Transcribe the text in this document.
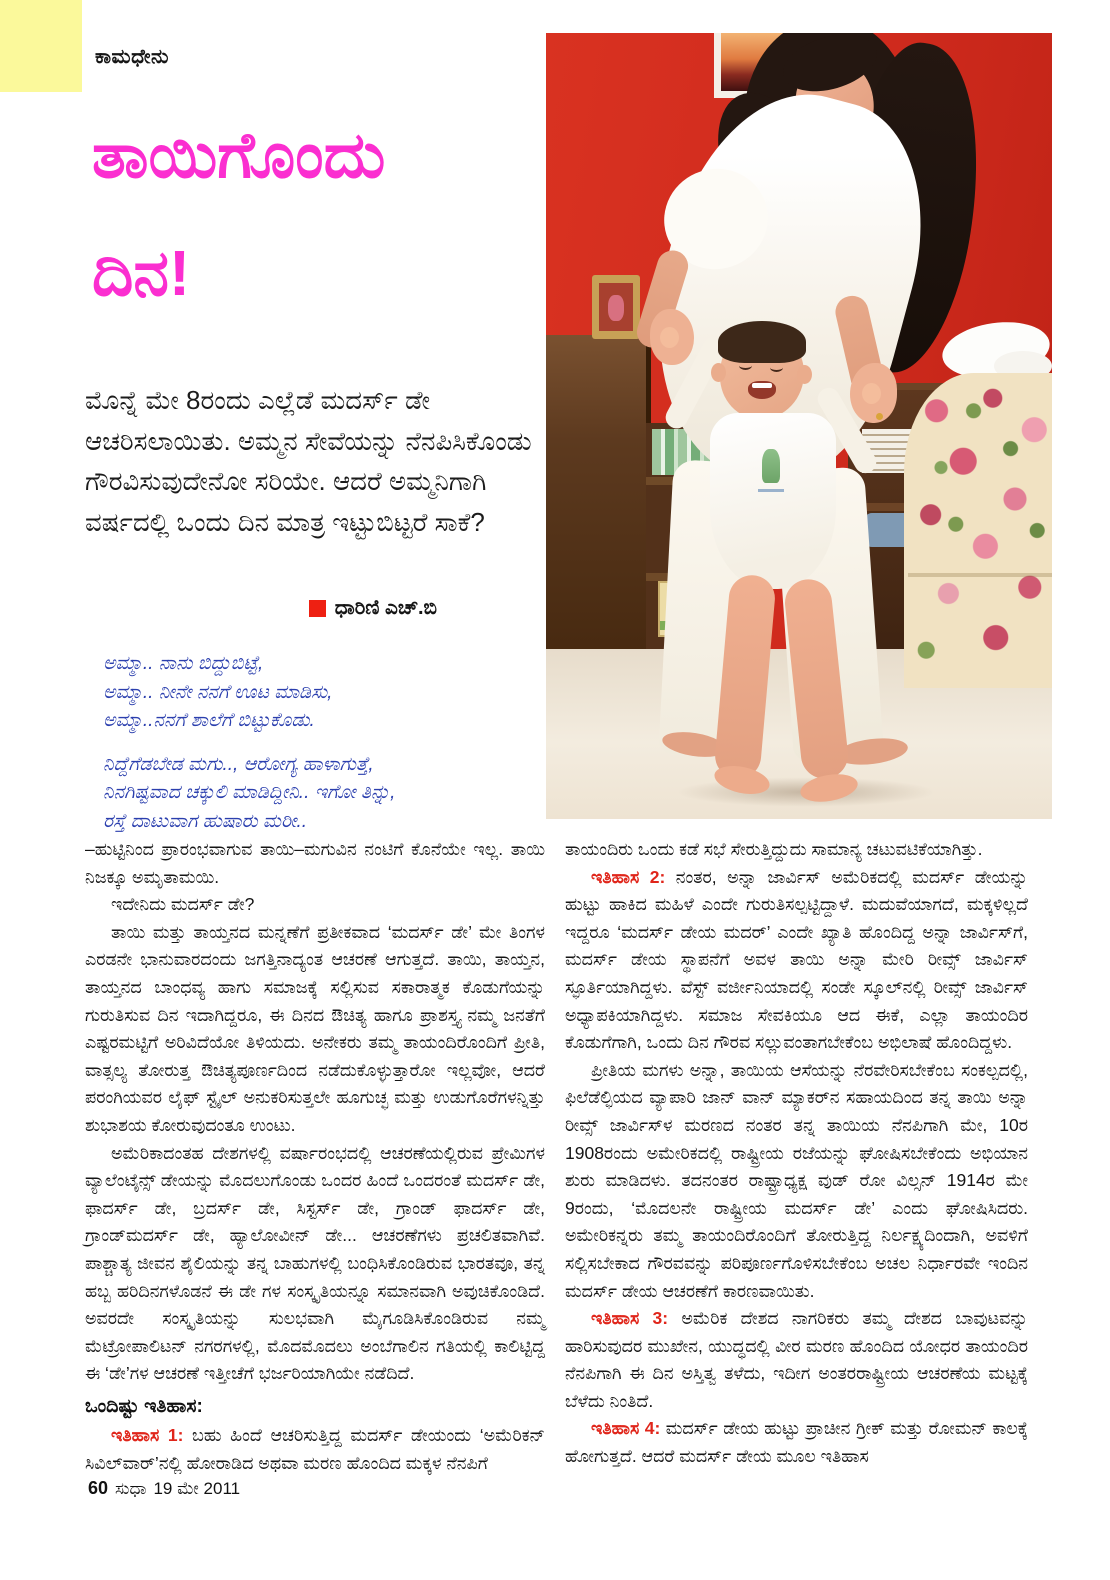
ಕಾಮಧೇನು
ತಾಯಿಗೊಂದು
ದಿನ!
ಮೊನ್ನೆ ಮೇ 8ರಂದು ಎಲ್ಲೆಡೆ ಮದರ್ಸ್ ಡೇ ಆಚರಿಸಲಾಯಿತು. ಅಮ್ಮನ ಸೇವೆಯನ್ನು ನೆನಪಿಸಿಕೊಂಡು ಗೌರವಿಸುವುದೇನೋ ಸರಿಯೇ. ಆದರೆ ಅಮ್ಮನಿಗಾಗಿ ವರ್ಷದಲ್ಲಿ ಒಂದು ದಿನ ಮಾತ್ರ ಇಟ್ಟುಬಿಟ್ಟರೆ ಸಾಕೆ?
ಧಾರಿಣಿ ಎಚ್.ಬಿ
ಅಮ್ಮಾ.. ನಾನು ಬಿದ್ದುಬಿಟ್ಟೆ,
ಅಮ್ಮಾ.. ನೀನೇ ನನಗೆ ಊಟ ಮಾಡಿಸು,
ಅಮ್ಮಾ..ನನಗೆ ಶಾಲೆಗೆ ಬಿಟ್ಟುಕೊಡು.
ನಿದ್ದೆಗೆಡಬೇಡ ಮಗು.., ಆರೋಗ್ಯ ಹಾಳಾಗುತ್ತೆ,
ನಿನಗಿಷ್ಟವಾದ ಚಕ್ಕುಲಿ ಮಾಡಿದ್ದೀನಿ.. ಇಗೋ ತಿನ್ನು,
ರಸ್ತೆ ದಾಟುವಾಗ ಹುಷಾರು ಮರೀ..

–ಹುಟ್ಟಿನಿಂದ ಪ್ರಾರಂಭವಾಗುವ ತಾಯಿ–ಮಗುವಿನ ನಂಟಿಗೆ ಕೊನೆಯೇ ಇಲ್ಲ. ತಾಯಿ ನಿಜಕ್ಕೂ ಅಮೃತಾಮಯಿ.

ಇದೇನಿದು ಮದರ್ಸ್ ಡೇ?

ತಾಯಿ ಮತ್ತು ತಾಯ್ತನದ ಮನ್ನಣೆಗೆ ಪ್ರತೀಕವಾದ ‘ಮದರ್ಸ್ ಡೇ’ ಮೇ ತಿಂಗಳ ಎರಡನೇ ಭಾನುವಾರದಂದು ಜಗತ್ತಿನಾದ್ಯಂತ ಆಚರಣೆ ಆಗುತ್ತದೆ. ತಾಯಿ, ತಾಯ್ತನ, ತಾಯ್ತನದ ಬಾಂಧವ್ಯ ಹಾಗು ಸಮಾಜಕ್ಕೆ ಸಲ್ಲಿಸುವ ಸಕಾರಾತ್ಮಕ ಕೊಡುಗೆಯನ್ನು ಗುರುತಿಸುವ ದಿನ ಇದಾಗಿದ್ದರೂ, ಈ ದಿನದ ಔಚಿತ್ಯ ಹಾಗೂ ಪ್ರಾಶಸ್ತ್ಯ ನಮ್ಮ ಜನತೆಗೆ ಎಷ್ಟರಮಟ್ಟಿಗೆ ಅರಿವಿದೆಯೋ ತಿಳಿಯದು. ಅನೇಕರು ತಮ್ಮ ತಾಯಂದಿರೊಂದಿಗೆ ಪ್ರೀತಿ, ವಾತ್ಸಲ್ಯ ತೋರುತ್ತ ಔಚಿತ್ಯಪೂರ್ಣದಿಂದ ನಡೆದುಕೊಳ್ಳುತ್ತಾರೋ ಇಲ್ಲವೋ, ಆದರೆ ಪರಂಗಿಯವರ ಲೈಫ್ ಸ್ಟೈಲ್ ಅನುಕರಿಸುತ್ತಲೇ ಹೂಗುಚ್ಛ ಮತ್ತು ಉಡುಗೊರೆಗಳನ್ನಿತ್ತು ಶುಭಾಶಯ ಕೋರುವುದಂತೂ ಉಂಟು.

ಅಮೆರಿಕಾದಂತಹ ದೇಶಗಳಲ್ಲಿ ವರ್ಷಾರಂಭದಲ್ಲಿ ಆಚರಣೆಯಲ್ಲಿರುವ ಪ್ರೇಮಿಗಳ ವ್ಯಾಲೆಂಟೈನ್ಸ್ ಡೇಯನ್ನು ಮೊದಲುಗೊಂಡು ಒಂದರ ಹಿಂದೆ ಒಂದರಂತೆ ಮದರ್ಸ್ ಡೇ, ಫಾದರ್ಸ್ ಡೇ, ಬ್ರದರ್ಸ್ ಡೇ, ಸಿಸ್ಟರ್ಸ್ ಡೇ, ಗ್ರಾಂಡ್ ಫಾದರ್ಸ್ ಡೇ, ಗ್ರಾಂಡ್‌ಮದರ್ಸ್ ಡೇ, ಹ್ಯಾಲೋವೀನ್ ಡೇ... ಆಚರಣೆಗಳು ಪ್ರಚಲಿತವಾಗಿವೆ. ಪಾಶ್ಚಾತ್ಯ ಜೀವನ ಶೈಲಿಯನ್ನು ತನ್ನ ಬಾಹುಗಳಲ್ಲಿ ಬಂಧಿಸಿಕೊಂಡಿರುವ ಭಾರತವೂ, ತನ್ನ ಹಬ್ಬ ಹರಿದಿನಗಳೊಡನೆ ಈ ಡೇ ಗಳ ಸಂಸ್ಕೃತಿಯನ್ನೂ ಸಮಾನವಾಗಿ ಅವುಚಿಕೊಂಡಿದೆ. ಅವರದೇ ಸಂಸ್ಕೃತಿಯನ್ನು ಸುಲಭವಾಗಿ ಮೈಗೂಡಿಸಿಕೊಂಡಿರುವ ನಮ್ಮ ಮೆಟ್ರೋಪಾಲಿಟನ್ ನಗರಗಳಲ್ಲಿ, ಮೊದಮೊದಲು ಅಂಬೆಗಾಲಿನ ಗತಿಯಲ್ಲಿ ಕಾಲಿಟ್ಟಿದ್ದ ಈ ‘ಡೇ’ಗಳ ಆಚರಣೆ ಇತ್ತೀಚೆಗೆ ಭರ್ಜರಿಯಾಗಿಯೇ ನಡೆದಿದೆ.

ಒಂದಿಷ್ಟು ಇತಿಹಾಸ:

ಇತಿಹಾಸ 1: ಬಹು ಹಿಂದೆ ಆಚರಿಸುತ್ತಿದ್ದ ಮದರ್ಸ್ ಡೇಯಂದು ‘ಅಮೆರಿಕನ್ ಸಿವಿಲ್‌ವಾರ್’ನಲ್ಲಿ ಹೋರಾಡಿದ ಅಥವಾ ಮರಣ ಹೊಂದಿದ ಮಕ್ಕಳ ನೆನಪಿಗೆ

ತಾಯಂದಿರು ಒಂದು ಕಡೆ ಸಭೆ ಸೇರುತ್ತಿದ್ದುದು ಸಾಮಾನ್ಯ ಚಟುವಟಿಕೆಯಾಗಿತ್ತು.

ಇತಿಹಾಸ 2: ನಂತರ, ಅನ್ನಾ ಜಾರ್ವಿಸ್ ಅಮೆರಿಕದಲ್ಲಿ ಮದರ್ಸ್ ಡೇಯನ್ನು ಹುಟ್ಟು ಹಾಕಿದ ಮಹಿಳೆ ಎಂದೇ ಗುರುತಿಸಲ್ಪಟ್ಟಿದ್ದಾಳೆ. ಮದುವೆಯಾಗದೆ, ಮಕ್ಕಳಿಲ್ಲದೆ ಇದ್ದರೂ ‘ಮದರ್ಸ್ ಡೇಯ ಮದರ್’ ಎಂದೇ ಖ್ಯಾತಿ ಹೊಂದಿದ್ದ ಅನ್ನಾ ಜಾರ್ವಿಸ್‌ಗೆ, ಮದರ್ಸ್ ಡೇಯ ಸ್ಥಾಪನೆಗೆ ಅವಳ ತಾಯಿ ಅನ್ನಾ ಮೇರಿ ರೀವ್ಸ್ ಜಾರ್ವಿಸ್ ಸ್ಫೂರ್ತಿಯಾಗಿದ್ದಳು. ವೆಸ್ಟ್ ವರ್ಜೀನಿಯಾದಲ್ಲಿ ಸಂಡೇ ಸ್ಕೂಲ್‌ನಲ್ಲಿ ರೀವ್ಸ್ ಜಾರ್ವಿಸ್ ಅಧ್ಯಾಪಕಿಯಾಗಿದ್ದಳು. ಸಮಾಜ ಸೇವಕಿಯೂ ಆದ ಈಕೆ, ಎಲ್ಲಾ ತಾಯಂದಿರ ಕೊಡುಗೆಗಾಗಿ, ಒಂದು ದಿನ ಗೌರವ ಸಲ್ಲುವಂತಾಗಬೇಕೆಂಬ ಅಭಿಲಾಷೆ ಹೊಂದಿದ್ದಳು.

ಪ್ರೀತಿಯ ಮಗಳು ಅನ್ನಾ, ತಾಯಿಯ ಆಸೆಯನ್ನು ನೆರವೇರಿಸಬೇಕೆಂಬ ಸಂಕಲ್ಪದಲ್ಲಿ, ಫಿಲೆಡೆಲ್ಫಿಯದ ವ್ಯಾಪಾರಿ ಜಾನ್ ವಾನ್ ಮ್ಯಾಕರ್‌ನ ಸಹಾಯದಿಂದ ತನ್ನ ತಾಯಿ ಅನ್ನಾ ರೀವ್ಸ್ ಜಾರ್ವಿಸ್‌ಳ ಮರಣದ ನಂತರ ತನ್ನ ತಾಯಿಯ ನೆನಪಿಗಾಗಿ ಮೇ, 10ರ 1908ರಂದು ಅಮೇರಿಕದಲ್ಲಿ ರಾಷ್ಟ್ರೀಯ ರಜೆಯನ್ನು ಘೋಷಿಸಬೇಕೆಂದು ಅಭಿಯಾನ ಶುರು ಮಾಡಿದಳು. ತದನಂತರ ರಾಷ್ಟ್ರಾಧ್ಯಕ್ಷ ವುಡ್ ರೋ ವಿಲ್ಸನ್ 1914ರ ಮೇ 9ರಂದು, ‘ಮೊದಲನೇ ರಾಷ್ಟ್ರೀಯ ಮದರ್ಸ್ ಡೇ’ ಎಂದು ಘೋಷಿಸಿದರು. ಅಮೇರಿಕನ್ನರು ತಮ್ಮ ತಾಯಂದಿರೊಂದಿಗೆ ತೋರುತ್ತಿದ್ದ ನಿರ್ಲಕ್ಷ್ಯದಿಂದಾಗಿ, ಅವಳಿಗೆ ಸಲ್ಲಿಸಬೇಕಾದ ಗೌರವವನ್ನು ಪರಿಪೂರ್ಣಗೊಳಿಸಬೇಕೆಂಬ ಅಚಲ ನಿರ್ಧಾರವೇ ಇಂದಿನ ಮದರ್ಸ್ ಡೇಯ ಆಚರಣೆಗೆ ಕಾರಣವಾಯಿತು.

ಇತಿಹಾಸ 3: ಅಮೆರಿಕ ದೇಶದ ನಾಗರಿಕರು ತಮ್ಮ ದೇಶದ ಬಾವುಟವನ್ನು ಹಾರಿಸುವುದರ ಮುಖೇನ, ಯುದ್ಧದಲ್ಲಿ ವೀರ ಮರಣ ಹೊಂದಿದ ಯೋಧರ ತಾಯಂದಿರ ನೆನಪಿಗಾಗಿ ಈ ದಿನ ಅಸ್ತಿತ್ವ ತಳೆದು, ಇದೀಗ ಅಂತರರಾಷ್ಟ್ರೀಯ ಆಚರಣೆಯ ಮಟ್ಟಕ್ಕೆ ಬೆಳೆದು ನಿಂತಿದೆ.

ಇತಿಹಾಸ 4: ಮದರ್ಸ್ ಡೇಯ ಹುಟ್ಟು ಪ್ರಾಚೀನ ಗ್ರೀಕ್ ಮತ್ತು ರೋಮನ್ ಕಾಲಕ್ಕೆ ಹೋಗುತ್ತದೆ. ಆದರೆ ಮದರ್ಸ್ ಡೇಯ ಮೂಲ ಇತಿಹಾಸ

60 ಸುಧಾ 19 ಮೇ 2011
